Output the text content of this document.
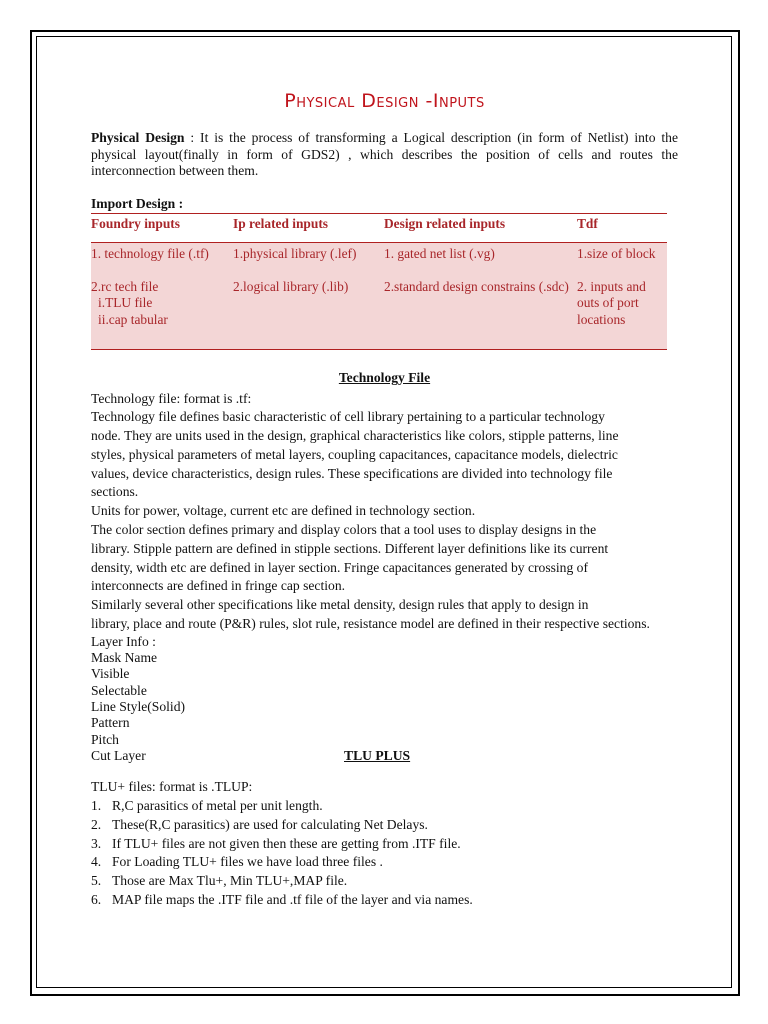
Physical Design -Inputs

Physical Design : It is the process of transforming a Logical description (in form of Netlist) into the physical layout(finally in form of GDS2) , which describes the position of cells and routes the interconnection between them.

Import Design :
Foundry inputs	Ip related inputs	Design related inputs	Tdf
1. technology file (.tf)	1.physical library (.lef)	1. gated net list (.vg)	1.size of block
2.rc tech file

i.TLU file
ii.cap tabular	2.logical library (.lib)	2.standard design constrains (.sdc)	2. inputs and outs of port locations
Technology File
Technology file: format is .tf:
Technology file defines basic characteristic of cell library pertaining to a particular technology
node. They are units used in the design, graphical characteristics like colors, stipple patterns, line
styles, physical parameters of metal layers, coupling capacitances, capacitance models, dielectric
values, device characteristics, design rules. These specifications are divided into technology file
sections.
Units for power, voltage, current etc are defined in technology section.
The color section defines primary and display colors that a tool uses to display designs in the
library. Stipple pattern are defined in stipple sections. Different layer definitions like its current
density, width etc are defined in layer section. Fringe capacitances generated by crossing of
interconnects are defined in fringe cap section.
Similarly several other specifications like metal density, design rules that apply to design in
library, place and route (P&R) rules, slot rule, resistance model are defined in their respective sections.
Layer Info :
Mask Name
Visible
Selectable
Line Style(Solid)
Pattern
Pitch
Cut Layer	TLU PLUS
TLU+ files: format is .TLUP:
1. R,C parasitics of metal per unit length.
2. These(R,C parasitics) are used for calculating Net Delays.
3. If TLU+ files are not given then these are getting from .ITF file.
4. For Loading TLU+ files we have load three files .
5. Those are Max Tlu+, Min TLU+,MAP file.
6. MAP file maps the .ITF file and .tf file of the layer and via names.
